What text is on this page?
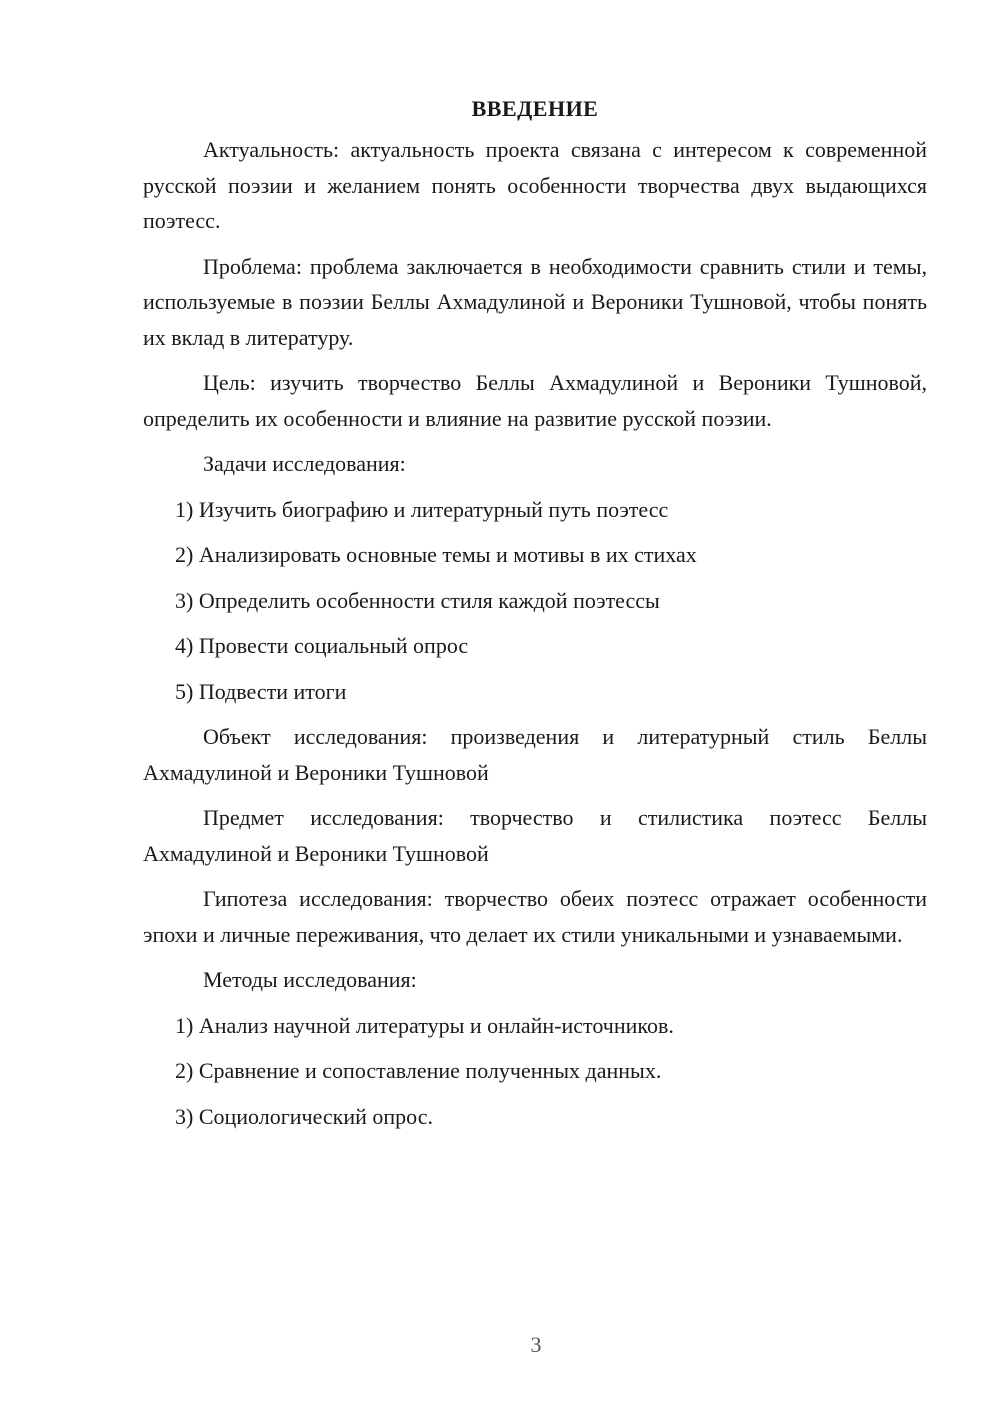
ВВЕДЕНИЕ

Актуальность: актуальность проекта связана с интересом к современной русской поэзии и желанием понять особенности творчества двух выдающихся поэтесс.

Проблема: проблема заключается в необходимости сравнить стили и темы, используемые в поэзии Беллы Ахмадулиной и Вероники Тушновой, чтобы понять их вклад в литературу.

Цель: изучить творчество Беллы Ахмадулиной и Вероники Тушновой, определить их особенности и влияние на развитие русской поэзии.

Задачи исследования:

1) Изучить биографию и литературный путь поэтесс
2) Анализировать основные темы и мотивы в их стихах
3) Определить особенности стиля каждой поэтессы
4) Провести социальный опрос
5) Подвести итоги

Объект исследования: произведения и литературный стиль Беллы Ахмадулиной и Вероники Тушновой

Предмет исследования: творчество и стилистика поэтесс Беллы Ахмадулиной и Вероники Тушновой

Гипотеза исследования: творчество обеих поэтесс отражает особенности эпохи и личные переживания, что делает их стили уникальными и узнаваемыми.

Методы исследования:

1) Анализ научной литературы и онлайн-источников.
2) Сравнение и сопоставление полученных данных.
3) Социологический опрос.
3
